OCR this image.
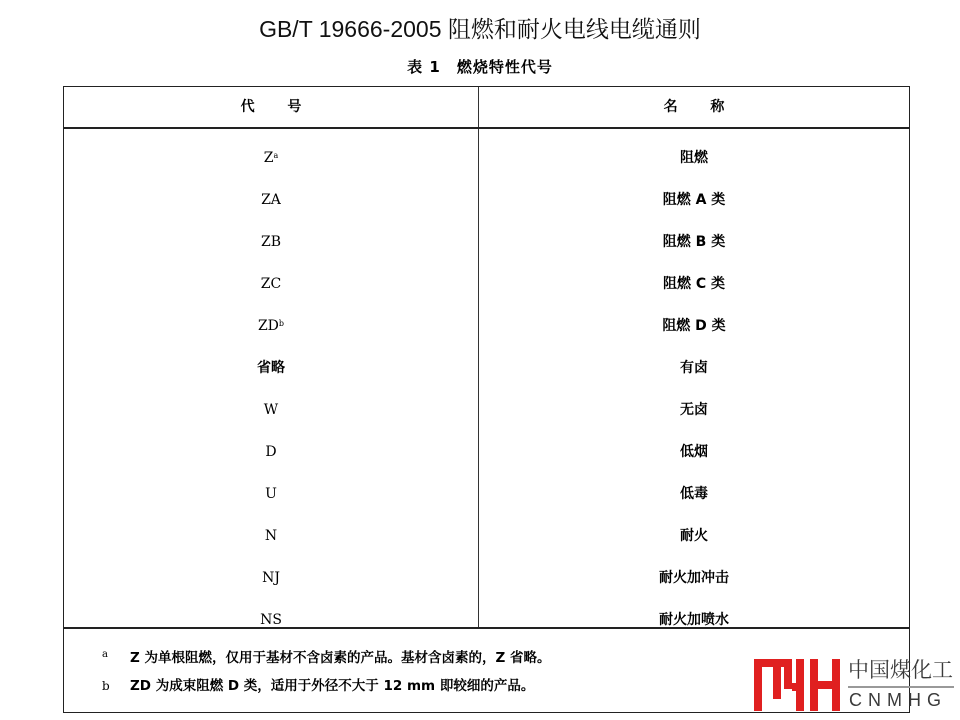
GB/T 19666-2005 阻燃和耐火电线电缆通则
表 1　燃烧特性代号
代 号	名 称
$Z^a$	阻燃
ZA	阻燃 A 类
ZB	阻燃 B 类
ZC	阻燃 C 类
$ZD^b$	阻燃 D 类
省略	有卤
W	无卤
D	低烟
U	低毒
N	耐火
NJ	耐火加冲击
NS	耐火加喷水
a Z 为单根阻燃，仅用于基材不含卤素的产品。基材含卤素的，Z 省略。
b ZD 为成束阻燃 D 类，适用于外径不大于 12 mm 即较细的产品。
中国煤化工
CNMHG
